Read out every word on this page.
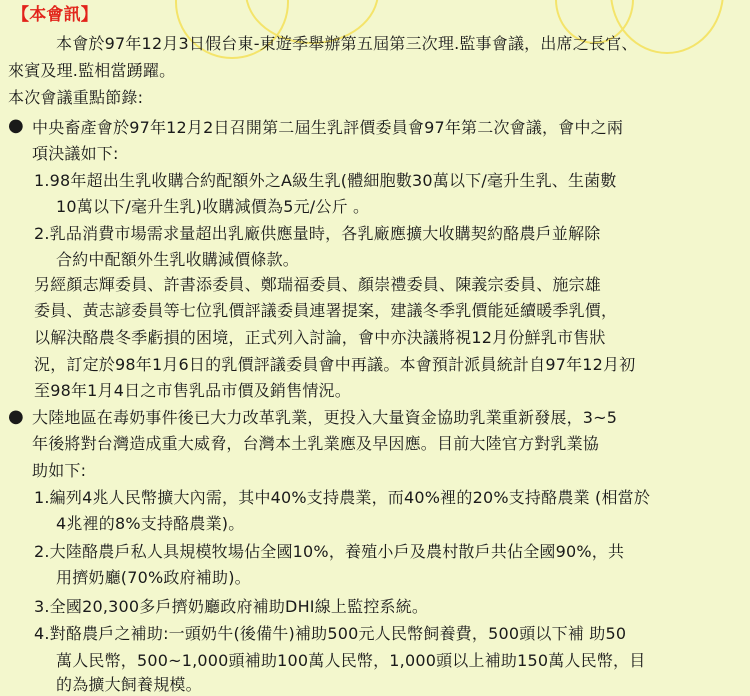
【本會訊】
本會於97年12月3日假台東-東遊季舉辦第五屆第三次理.監事會議，出席之長官、
來賓及理.監相當踴躍。
本次會議重點節錄:
● 中央畜產會於97年12月2日召開第二屆生乳評價委員會97年第二次會議，會中之兩
項決議如下:
1.98年超出生乳收購合約配額外之A級生乳(體細胞數30萬以下/毫升生乳、生菌數
10萬以下/毫升生乳)收購減價為5元/公斤 。
2.乳品消費市場需求量超出乳廠供應量時，各乳廠應擴大收購契約酪農戶並解除
合約中配額外生乳收購減價條款。
另經顏志輝委員、許書添委員、鄭瑞福委員、顏崇禮委員、陳義宗委員、施宗雄
委員、黃志諺委員等七位乳價評議委員連署提案，建議冬季乳價能延續暖季乳價，
以解決酪農冬季虧損的困境，正式列入討論，會中亦決議將視12月份鮮乳市售狀
況，訂定於98年1月6日的乳價評議委員會中再議。本會預計派員統計自97年12月初
至98年1月4日之市售乳品市價及銷售情況。
● 大陸地區在毒奶事件後已大力改革乳業，更投入大量資金協助乳業重新發展，3~5
年後將對台灣造成重大威脅，台灣本土乳業應及早因應。目前大陸官方對乳業協
助如下:
1.編列4兆人民幣擴大內需，其中40%支持農業，而40%裡的20%支持酪農業 (相當於
4兆裡的8%支持酪農業)。
2.大陸酪農戶私人具規模牧場佔全國10%，養殖小戶及農村散戶共佔全國90%，共
用擠奶廳(70%政府補助)。
3.全國20,300多戶擠奶廳政府補助DHI線上監控系統。
4.對酪農戶之補助:一頭奶牛(後備牛)補助500元人民幣飼養費，500頭以下補 助50
萬人民幣，500~1,000頭補助100萬人民幣，1,000頭以上補助150萬人民幣，目
的為擴大飼養規模。
